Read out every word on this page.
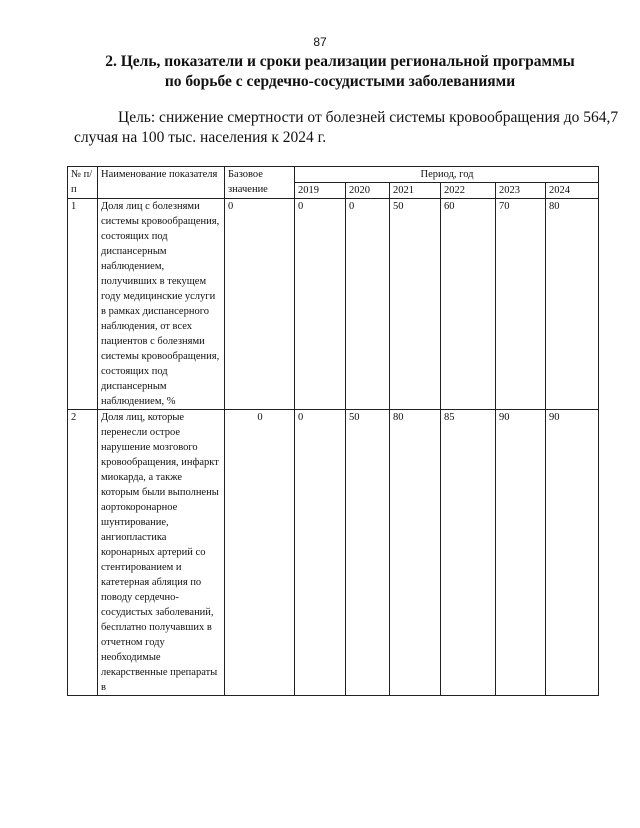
87
2. Цель, показатели и сроки реализации региональной программы
по борьбе с сердечно-сосудистыми заболеваниями
Цель: снижение смертности от болезней системы кровообращения до 564,7
случая на 100 тыс. населения к 2024 г.
№ п/п	Наименование показателя	Базовое значение	Период, год					
			2019	2020	2021	2022	2023	2024
1	Доля лиц с болезнями системы кровообращения, состоящих под диспансерным наблюдением, получивших в текущем году медицинские услуги в рамках диспансерного наблюдения, от всех пациентов с болезнями системы кровообращения, состоящих под диспансерным наблюдением, %	0	0	0	50	60	70	80
2	Доля лиц, которые перенесли острое нарушение мозгового кровообращения, инфаркт миокарда, а также которым были выполнены аортокоронарное шунтирование, ангиопластика коронарных артерий со стентированием и катетерная абляция по поводу сердечно-сосудистых заболеваний, бесплатно получавших в отчетном году необходимые лекарственные препараты в	0	0	50	80	85	90	90
